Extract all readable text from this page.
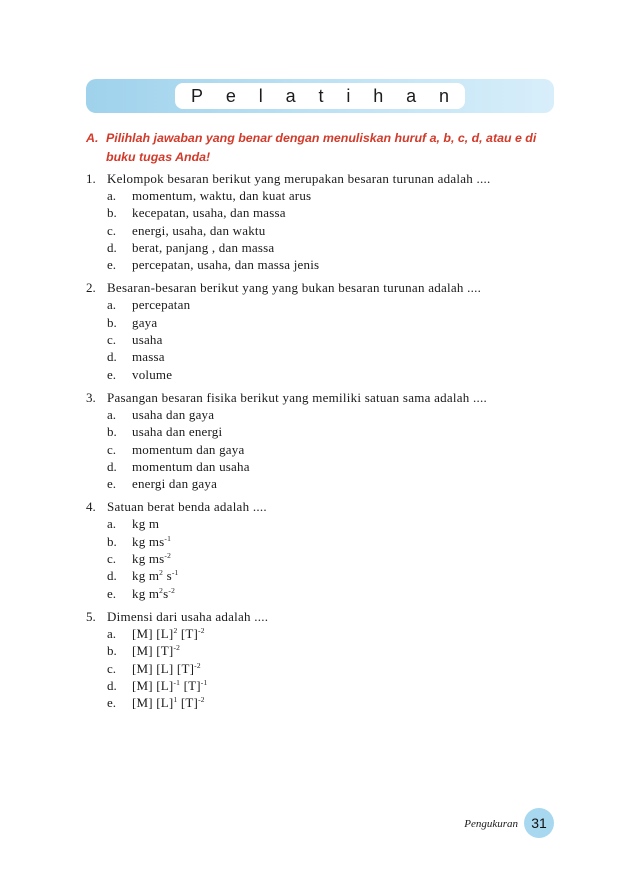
P e l a t i h a n
A. Pilihlah jawaban yang benar dengan menuliskan huruf a, b, c, d, atau e di buku tugas Anda!
1. Kelompok besaran berikut yang merupakan besaran turunan adalah ....
a.	momentum, waktu, dan kuat arus
b.	kecepatan, usaha, dan massa
c.	energi, usaha, dan waktu
d.	berat, panjang , dan massa
e.	percepatan, usaha, dan massa jenis
2. Besaran-besaran berikut yang yang bukan besaran turunan adalah ....
a.	percepatan
b.	gaya
c.	usaha
d.	massa
e.	volume
3. Pasangan besaran fisika berikut yang memiliki satuan sama adalah ....
a.	usaha dan gaya
b.	usaha dan energi
c.	momentum dan gaya
d.	momentum dan usaha
e.	energi dan gaya
4. Satuan berat benda adalah ....
a.	kg m
b.	kg $ms^{-1}$
c.	kg $ms^{-2}$
d.	kg $m^2$ $s^{-1}$
e.	kg $m^2s^{-2}$
5. Dimensi dari usaha adalah ....
a.	[M] $[L]^2$ $[T]^{-2}$
b.	[M] $[T]^{-2}$
c.	[M] [L] $[T]^{-2}$
d.	[M] $[L]^{-1}$ $[T]^{-1}$
e.	[M] $[L]^1$ $[T]^{-2}$
Pengukuran 31
